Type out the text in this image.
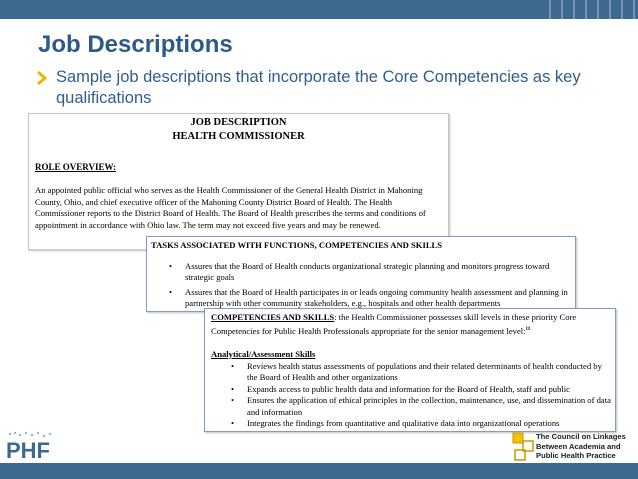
Job Descriptions
Sample job descriptions that incorporate the Core Competencies as key qualifications
JOB DESCRIPTION
HEALTH COMMISSIONER
ROLE OVERVIEW:
An appointed public official who serves as the Health Commissioner of the General Health District in Mahoning County, Ohio, and chief executive officer of the Mahoning County District Board of Health. The Health Commissioner reports to the District Board of Health. The Board of Health prescribes the terms and conditions of appointment in accordance with Ohio law. The term may not exceed five years and may be renewed.
TASKS ASSOCIATED WITH FUNCTIONS, COMPETENCIES AND SKILLS
• Assures that the Board of Health conducts organizational strategic planning and monitors progress toward strategic goals
• Assures that the Board of Health participates in or leads ongoing community health assessment and planning in partnership with other community stakeholders, e.g., hospitals and other health departments
COMPETENCIES AND SKILLS: the Health Commissioner possesses skill levels in these priority Core Competencies for Public Health Professionals appropriate for the senior management level:$^{iii}$
Analytical/Assessment Skills
• Reviews health status assessments of populations and their related determinants of health conducted by the Board of Health and other organizations
• Expands access to public health data and information for the Board of Health, staff and public
• Ensures the application of ethical principles in the collection, maintenance, use, and dissemination of data and information
• Integrates the findings from quantitative and qualitative data into organizational operations
PHF
The Council on Linkages
Between Academia and
Public Health Practice
